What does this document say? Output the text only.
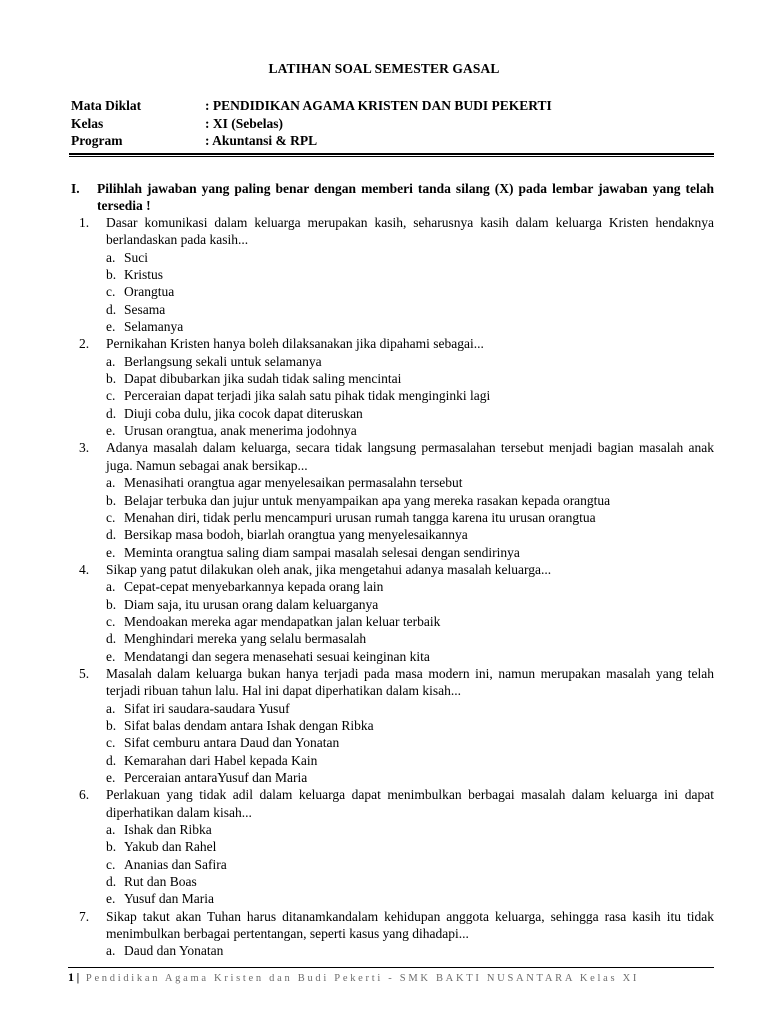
LATIHAN SOAL SEMESTER GASAL
Mata Diklat	: PENDIDIKAN AGAMA KRISTEN DAN BUDI PEKERTI
Kelas	: XI (Sebelas)
Program	: Akuntansi & RPL
I. Pilihlah jawaban yang paling benar dengan memberi tanda silang (X) pada lembar jawaban yang telah tersedia !
1. Dasar komunikasi dalam keluarga merupakan kasih, seharusnya kasih dalam keluarga Kristen hendaknya berlandaskan pada kasih...
a. Suci
b. Kristus
c. Orangtua
d. Sesama
e. Selamanya
2. Pernikahan Kristen hanya boleh dilaksanakan jika dipahami sebagai...
a. Berlangsung sekali untuk selamanya
b. Dapat dibubarkan jika sudah tidak saling mencintai
c. Perceraian dapat terjadi jika salah satu pihak tidak menginginki lagi
d. Diuji coba dulu, jika cocok dapat diteruskan
e. Urusan orangtua, anak menerima jodohnya
3. Adanya masalah dalam keluarga, secara tidak langsung permasalahan tersebut menjadi bagian masalah anak juga. Namun sebagai anak bersikap...
a. Menasihati orangtua agar menyelesaikan permasalahn tersebut
b. Belajar terbuka dan jujur untuk menyampaikan apa yang mereka rasakan kepada orangtua
c. Menahan diri, tidak perlu mencampuri urusan rumah tangga karena itu urusan orangtua
d. Bersikap masa bodoh, biarlah orangtua yang menyelesaikannya
e. Meminta orangtua saling diam sampai masalah selesai dengan sendirinya
4. Sikap yang patut dilakukan oleh anak, jika mengetahui adanya masalah keluarga...
a. Cepat-cepat menyebarkannya kepada orang lain
b. Diam saja, itu urusan orang dalam keluarganya
c. Mendoakan mereka agar mendapatkan jalan keluar terbaik
d. Menghindari mereka yang selalu bermasalah
e. Mendatangi dan segera menasehati sesuai keinginan kita
5. Masalah dalam keluarga bukan hanya terjadi pada masa modern ini, namun merupakan masalah yang telah terjadi ribuan tahun lalu. Hal ini dapat diperhatikan dalam kisah...
a. Sifat iri saudara-saudara Yusuf
b. Sifat balas dendam antara Ishak dengan Ribka
c. Sifat cemburu antara Daud dan Yonatan
d. Kemarahan dari Habel kepada Kain
e. Perceraian antaraYusuf dan Maria
6. Perlakuan yang tidak adil dalam keluarga dapat menimbulkan berbagai masalah dalam keluarga ini dapat diperhatikan dalam kisah...
a. Ishak dan Ribka
b. Yakub dan Rahel
c. Ananias dan Safira
d. Rut dan Boas
e. Yusuf dan Maria
7. Sikap takut akan Tuhan harus ditanamkandalam kehidupan anggota keluarga, sehingga rasa kasih itu tidak menimbulkan berbagai pertentangan, seperti kasus yang dihadapi...
a. Daud dan Yonatan
1 | Pendidikan Agama Kristen dan Budi Pekerti - SMK BAKTI NUSANTARA Kelas XI
